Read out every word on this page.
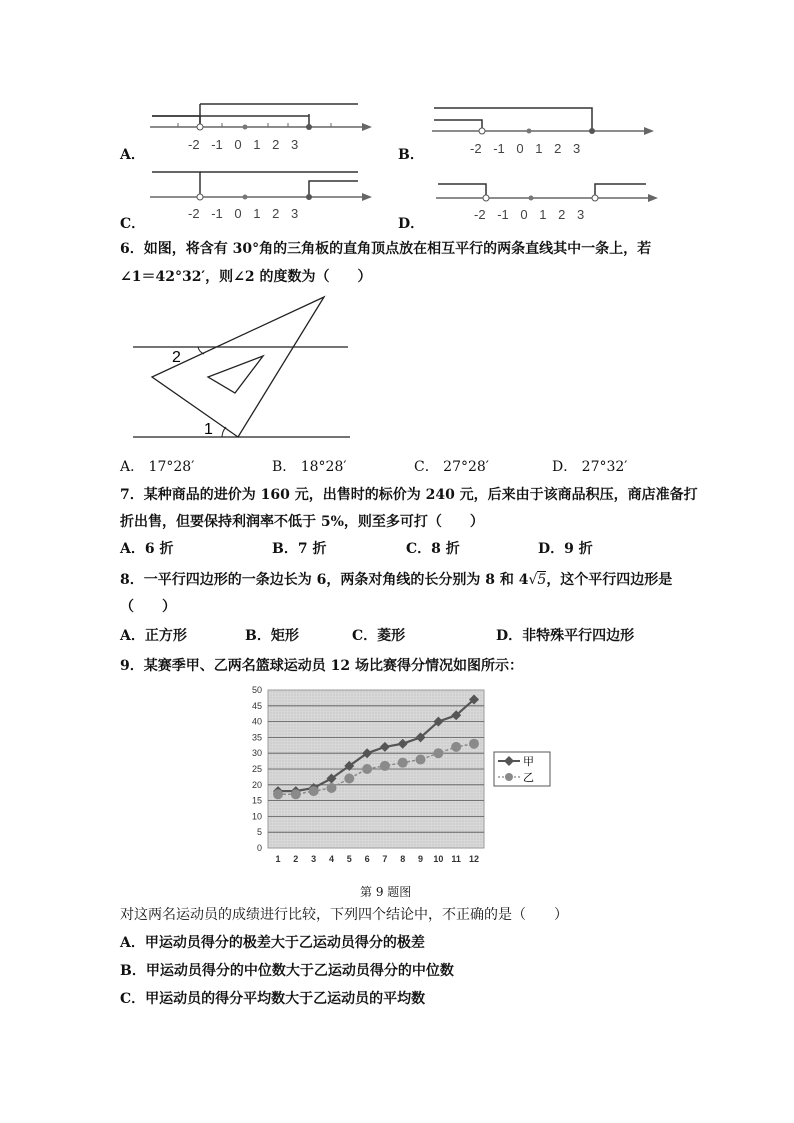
A．
-2 -1 0 1 2 3
B．	-2 -1 0 1 2 3
C．
-2 -1 0 1 2 3
D．
-2 -1 0 1 2 3
6．如图，将含有 30°角的三角板的直角顶点放在相互平行的两条直线其中一条上，若
∠1＝42°32′，则∠2 的度数为（　　）
2
1
A． 17°28′	B． 18°28′	C． 27°28′	D． 27°32′
7．某种商品的进价为 160 元，出售时的标价为 240 元，后来由于该商品积压，商店准备打
折出售，但要保持利润率不低于 5%，则至多可打（　　）
A．6 折	B．7 折	C．8 折	D．9 折
8．一平行四边形的一条边长为 6，两条对角线的长分别为 8 和 4√5，这个平行四边形是
（　　）
A．正方形	B．矩形	C．菱形	D．非特殊平行四边形
9．某赛季甲、乙两名篮球运动员 12 场比赛得分情况如图所示：
0
5
10
15
20
25
30
35
40
45
50
1 2 3 4 5 6 7 8 9 10 11 12
甲
乙
第 9 题图
对这两名运动员的成绩进行比较，下列四个结论中，不正确的是（　　）
A．甲运动员得分的极差大于乙运动员得分的极差
B．甲运动员得分的中位数大于乙运动员得分的中位数
C．甲运动员的得分平均数大于乙运动员的平均数
